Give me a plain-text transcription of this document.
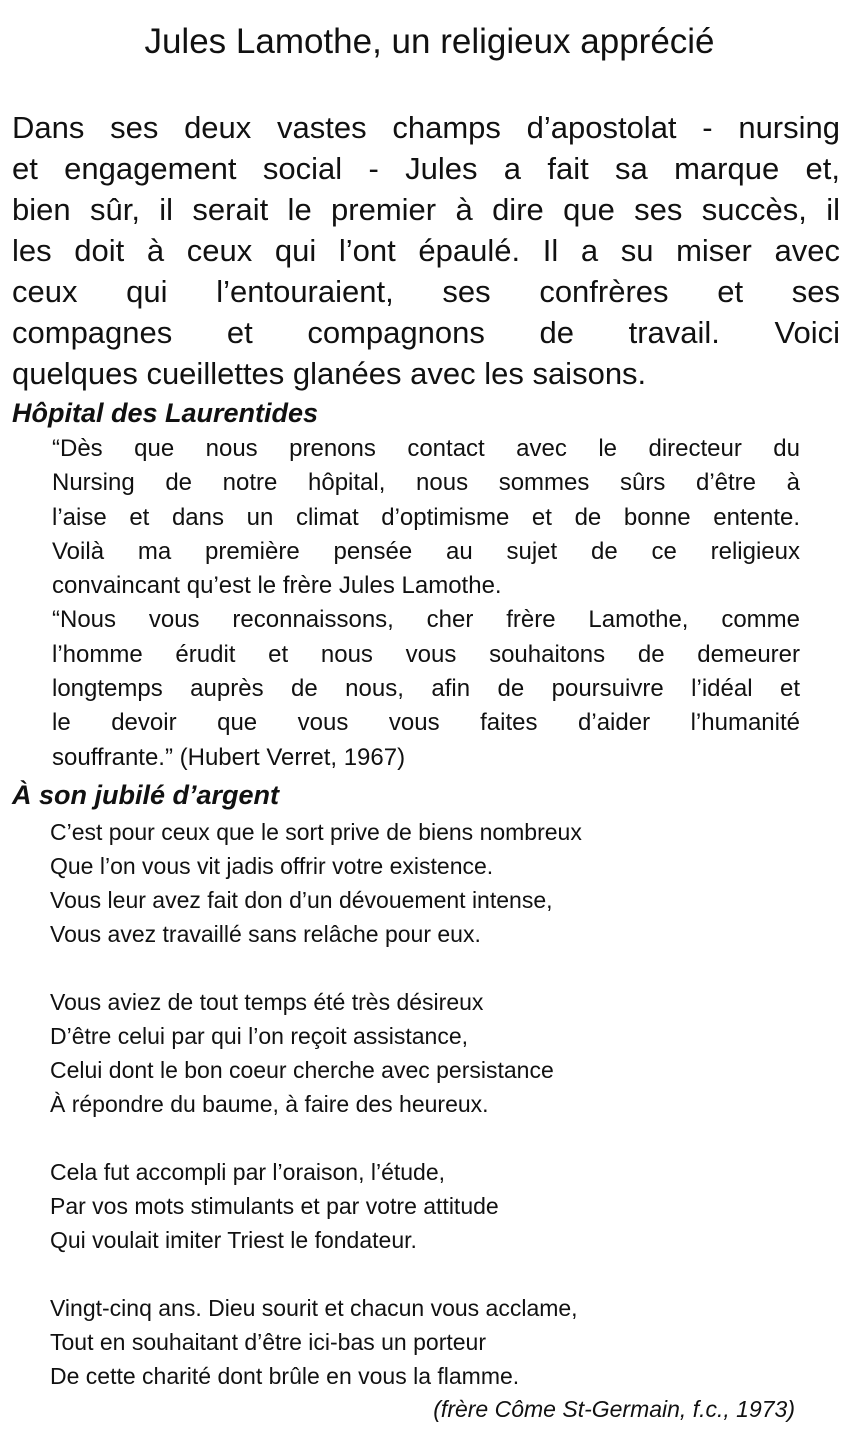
Jules Lamothe, un religieux apprécié
Dans ses deux vastes champs d’apostolat - nursing
et engagement social - Jules a fait sa marque et,
bien sûr, il serait le premier à dire que ses succès, il
les doit à ceux qui l’ont épaulé. Il a su miser avec
ceux qui l’entouraient, ses confrères et ses
compagnes et compagnons de travail. Voici
quelques cueillettes glanées avec les saisons.
Hôpital des Laurentides
“Dès que nous prenons contact avec le directeur du
Nursing de notre hôpital, nous sommes sûrs d’être à
l’aise et dans un climat d’optimisme et de bonne entente.
Voilà ma première pensée au sujet de ce religieux
convaincant qu’est le frère Jules Lamothe.
“Nous vous reconnaissons, cher frère Lamothe, comme
l’homme érudit et nous vous souhaitons de demeurer
longtemps auprès de nous, afin de poursuivre l’idéal et
le devoir que vous vous faites d’aider l’humanité
souffrante.” (Hubert Verret, 1967)
À son jubilé d’argent
C’est pour ceux que le sort prive de biens nombreux
Que l’on vous vit jadis offrir votre existence.
Vous leur avez fait don d’un dévouement intense,
Vous avez travaillé sans relâche pour eux.
Vous aviez de tout temps été très désireux
D’être celui par qui l’on reçoit assistance,
Celui dont le bon coeur cherche avec persistance
À répondre du baume, à faire des heureux.
Cela fut accompli par l’oraison, l’étude,
Par vos mots stimulants et par votre attitude
Qui voulait imiter Triest le fondateur.
Vingt-cinq ans. Dieu sourit et chacun vous acclame,
Tout en souhaitant d’être ici-bas un porteur
De cette charité dont brûle en vous la flamme.
(frère Côme St-Germain, f.c., 1973)
